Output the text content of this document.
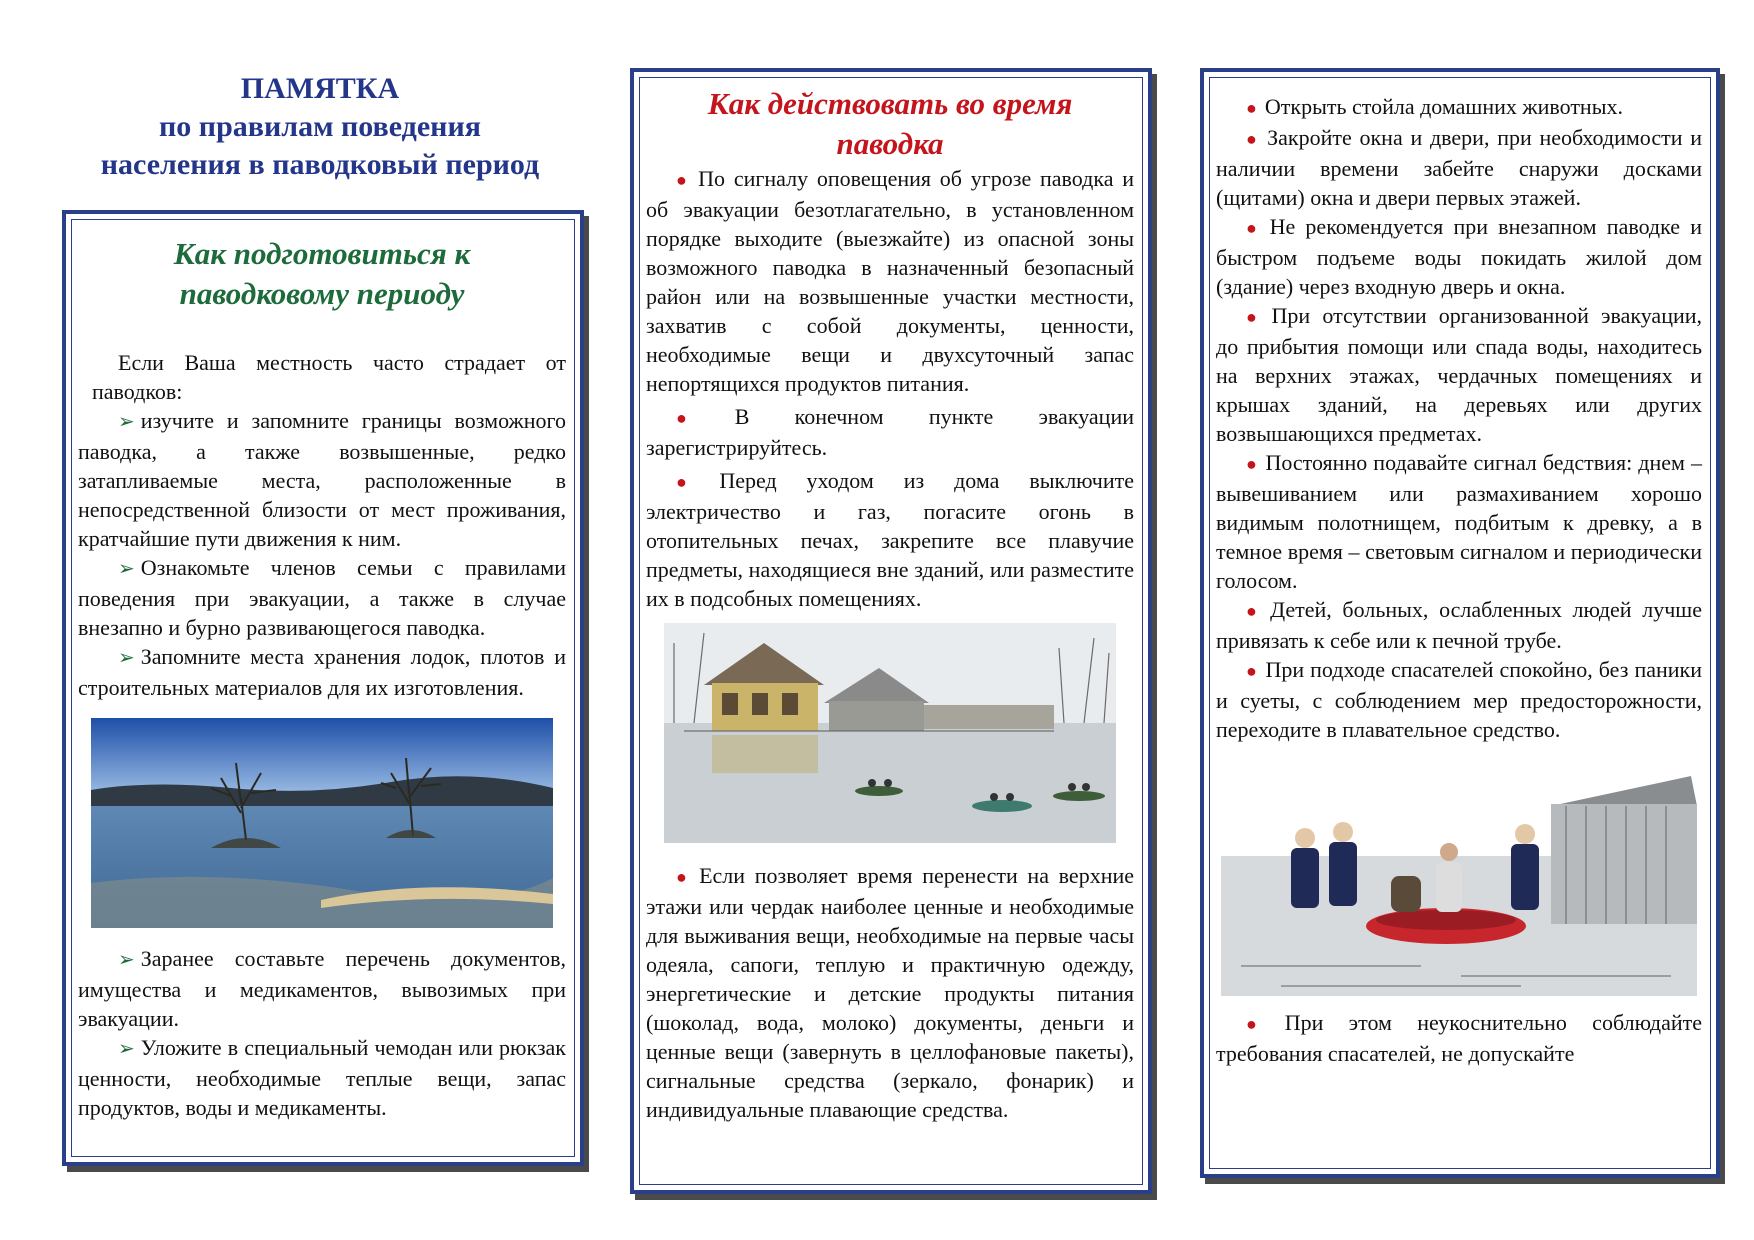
ПАМЯТКА
по правилам поведения
населения в паводковый период
Как подготовиться к
паводковому периоду

Если Ваша местность часто страдает от паводков:

➢ изучите и запомните границы возможного паводка, а также возвышенные, редко затапливаемые места, расположенные в непосредственной близости от мест проживания, кратчайшие пути движения к ним.

➢ Ознакомьте членов семьи с правилами поведения при эвакуации, а также в случае внезапно и бурно развивающегося паводка.

➢ Запомните места хранения лодок, плотов и строительных материалов для их изготовления.

➢ Заранее составьте перечень документов, имущества и медикаментов, вывозимых при эвакуации.

➢ Уложите в специальный чемодан или рюкзак ценности, необходимые теплые вещи, запас продуктов, воды и медикаменты.

Как действовать во время
паводка

● По сигналу оповещения об угрозе паводка и об эвакуации безотлагательно, в установленном порядке выходите (выезжайте) из опасной зоны возможного паводка в назначенный безопасный район или на возвышенные участки местности, захватив с собой документы, ценности, необходимые вещи и двухсуточный запас непортящихся продуктов питания.

● В конечном пункте эвакуации зарегистрируйтесь.

● Перед уходом из дома выключите электричество и газ, погасите огонь в отопительных печах, закрепите все плавучие предметы, находящиеся вне зданий, или разместите их в подсобных помещениях.

● Если позволяет время перенести на верхние этажи или чердак наиболее ценные и необходимые для выживания вещи, необходимые на первые часы одеяла, сапоги, теплую и практичную одежду, энергетические и детские продукты питания (шоколад, вода, молоко) документы, деньги и ценные вещи (завернуть в целлофановые пакеты), сигнальные средства (зеркало, фонарик) и индивидуальные плавающие средства.

● Открыть стойла домашних животных.

● Закройте окна и двери, при необходимости и наличии времени забейте снаружи досками (щитами) окна и двери первых этажей.

● Не рекомендуется при внезапном паводке и быстром подъеме воды покидать жилой дом (здание) через входную дверь и окна.

● При отсутствии организованной эвакуации, до прибытия помощи или спада воды, находитесь на верхних этажах, чердачных помещениях и крышах зданий, на деревьях или других возвышающихся предметах.

● Постоянно подавайте сигнал бедствия: днем – вывешиванием или размахиванием хорошо видимым полотнищем, подбитым к древку, а в темное время – световым сигналом и периодически голосом.

● Детей, больных, ослабленных людей лучше привязать к себе или к печной трубе.

● При подходе спасателей спокойно, без паники и суеты, с соблюдением мер предосторожности, переходите в плавательное средство.

● При этом неукоснительно соблюдайте требования спасателей, не допускайте
